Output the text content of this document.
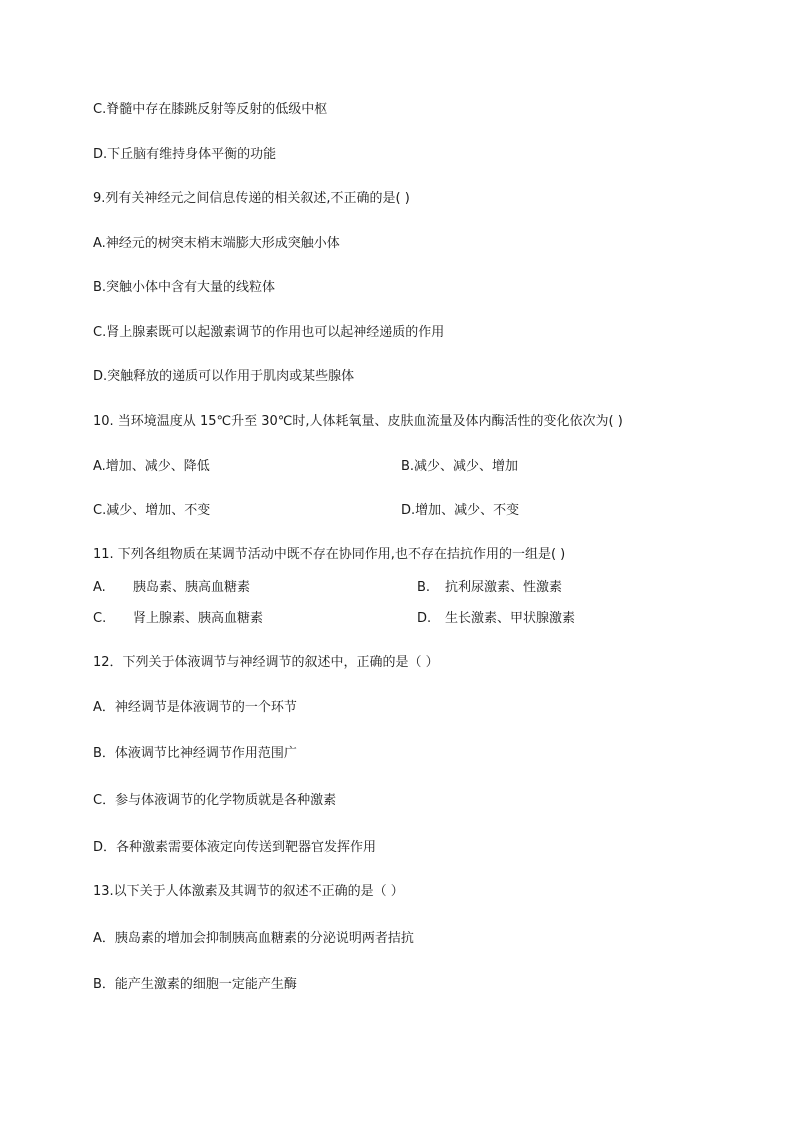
C.脊髓中存在膝跳反射等反射的低级中枢
D.下丘脑有维持身体平衡的功能
9.列有关神经元之间信息传递的相关叙述,不正确的是( )
A.神经元的树突末梢末端膨大形成突触小体
B.突触小体中含有大量的线粒体
C.肾上腺素既可以起激素调节的作用也可以起神经递质的作用
D.突触释放的递质可以作用于肌肉或某些腺体
10. 当环境温度从 15℃升至 30℃时,人体耗氧量、皮肤血流量及体内酶活性的变化依次为( )
A.增加、减少、降低	B.减少、减少、增加
C.减少、增加、不变	D.增加、减少、不变
11. 下列各组物质在某调节活动中既不存在协同作用,也不存在拮抗作用的一组是( )
A. 胰岛素、胰高血糖素	B. 抗利尿激素、性激素
C. 肾上腺素、胰高血糖素	D. 生长激素、甲状腺激素
12．下列关于体液调节与神经调节的叙述中，正确的是（ ）
A．神经调节是体液调节的一个环节
B．体液调节比神经调节作用范围广
C．参与体液调节的化学物质就是各种激素
D．各种激素需要体液定向传送到靶器官发挥作用
13.以下关于人体激素及其调节的叙述不正确的是（ ）
A．胰岛素的增加会抑制胰高血糖素的分泌说明两者拮抗
B．能产生激素的细胞一定能产生酶
